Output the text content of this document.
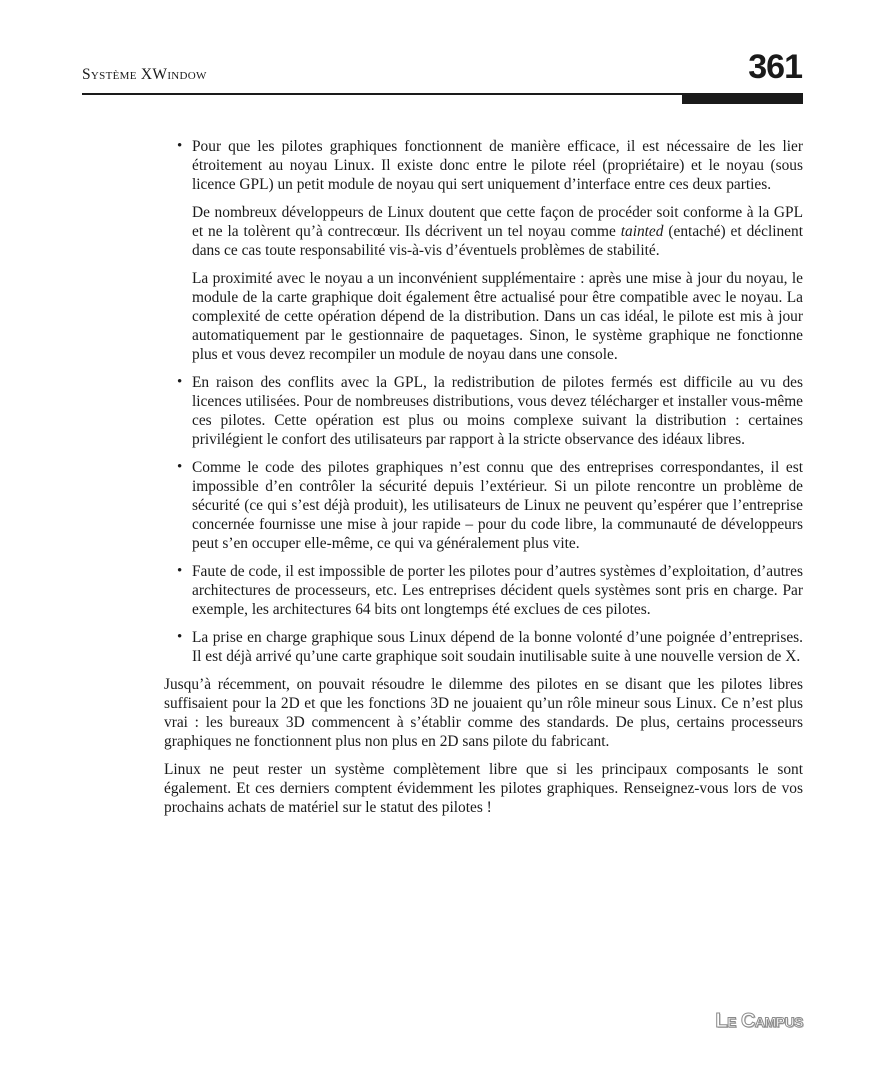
Système XWindow	361
• Pour que les pilotes graphiques fonctionnent de manière efficace, il est nécessaire de les lier étroitement au noyau Linux. Il existe donc entre le pilote réel (propriétaire) et le noyau (sous licence GPL) un petit module de noyau qui sert uniquement d’interface entre ces deux parties.

De nombreux développeurs de Linux doutent que cette façon de procéder soit conforme à la GPL et ne la tolèrent qu’à contrecœur. Ils décrivent un tel noyau comme tainted (entaché) et déclinent dans ce cas toute responsabilité vis-à-vis d’éventuels problèmes de stabilité.

La proximité avec le noyau a un inconvénient supplémentaire : après une mise à jour du noyau, le module de la carte graphique doit également être actualisé pour être compatible avec le noyau. La complexité de cette opération dépend de la distribution. Dans un cas idéal, le pilote est mis à jour automatiquement par le gestionnaire de paquetages. Sinon, le système graphique ne fonctionne plus et vous devez recompiler un module de noyau dans une console.

• En raison des conflits avec la GPL, la redistribution de pilotes fermés est difficile au vu des licences utilisées. Pour de nombreuses distributions, vous devez télécharger et installer vous-même ces pilotes. Cette opération est plus ou moins complexe suivant la distribution : certaines privilégient le confort des utilisateurs par rapport à la stricte observance des idéaux libres.

• Comme le code des pilotes graphiques n’est connu que des entreprises correspondantes, il est impossible d’en contrôler la sécurité depuis l’extérieur. Si un pilote rencontre un problème de sécurité (ce qui s’est déjà produit), les utilisateurs de Linux ne peuvent qu’espérer que l’entreprise concernée fournisse une mise à jour rapide – pour du code libre, la communauté de développeurs peut s’en occuper elle-même, ce qui va généralement plus vite.

• Faute de code, il est impossible de porter les pilotes pour d’autres systèmes d’exploitation, d’autres architectures de processeurs, etc. Les entreprises décident quels systèmes sont pris en charge. Par exemple, les architectures 64 bits ont longtemps été exclues de ces pilotes.

• La prise en charge graphique sous Linux dépend de la bonne volonté d’une poignée d’entreprises. Il est déjà arrivé qu’une carte graphique soit soudain inutilisable suite à une nouvelle version de X.

Jusqu’à récemment, on pouvait résoudre le dilemme des pilotes en se disant que les pilotes libres suffisaient pour la 2D et que les fonctions 3D ne jouaient qu’un rôle mineur sous Linux. Ce n’est plus vrai : les bureaux 3D commencent à s’établir comme des standards. De plus, certains processeurs graphiques ne fonctionnent plus non plus en 2D sans pilote du fabricant.

Linux ne peut rester un système complètement libre que si les principaux composants le sont également. Et ces derniers comptent évidemment les pilotes graphiques. Renseignez-vous lors de vos prochains achats de matériel sur le statut des pilotes !

Le Campus
